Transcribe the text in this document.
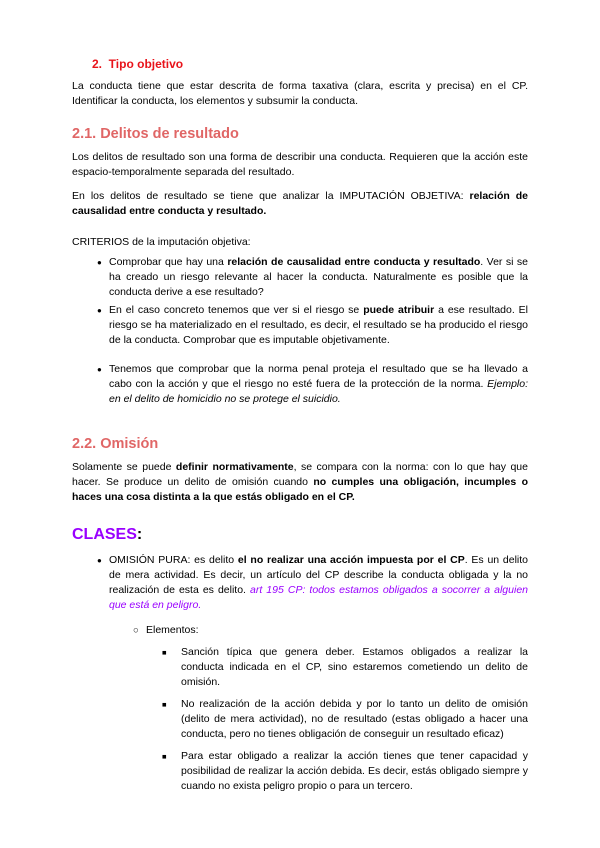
2.  Tipo objetivo

La conducta tiene que estar descrita de forma taxativa (clara, escrita y precisa) en el CP. Identificar la conducta, los elementos y subsumir la conducta.

2.1. Delitos de resultado

Los delitos de resultado son una forma de describir una conducta. Requieren que la acción este espacio-temporalmente separada del resultado.

En los delitos de resultado se tiene que analizar la IMPUTACIÓN OBJETIVA: relación de causalidad entre conducta y resultado.

CRITERIOS de la imputación objetiva:

● Comprobar que hay una relación de causalidad entre conducta y resultado. Ver si se ha creado un riesgo relevante al hacer la conducta. Naturalmente es posible que la conducta derive a ese resultado?
● En el caso concreto tenemos que ver si el riesgo se puede atribuir a ese resultado. El riesgo se ha materializado en el resultado, es decir, el resultado se ha producido el riesgo de la conducta. Comprobar que es imputable objetivamente.
● Tenemos que comprobar que la norma penal proteja el resultado que se ha llevado a cabo con la acción y que el riesgo no esté fuera de la protección de la norma. Ejemplo: en el delito de homicidio no se protege el suicidio.
2.2. Omisión

Solamente se puede definir normativamente, se compara con la norma: con lo que hay que hacer. Se produce un delito de omisión cuando no cumples una obligación, incumples o haces una cosa distinta a la que estás obligado en el CP.

CLASES:
● OMISIÓN PURA: es delito el no realizar una acción impuesta por el CP. Es un delito de mera actividad. Es decir, un artículo del CP describe la conducta obligada y la no realización de esta es delito. art 195 CP: todos estamos obligados a socorrer a alguien que está en peligro.
○ Elementos:
■	Sanción típica que genera deber. Estamos obligados a realizar la conducta indicada en el CP, sino estaremos cometiendo un delito de omisión.
■	No realización de la acción debida y por lo tanto un delito de omisión (delito de mera actividad), no de resultado (estas obligado a hacer una conducta, pero no tienes obligación de conseguir un resultado eficaz)
■	Para estar obligado a realizar la acción tienes que tener capacidad y posibilidad de realizar la acción debida. Es decir, estás obligado siempre y cuando no exista peligro propio o para un tercero.
